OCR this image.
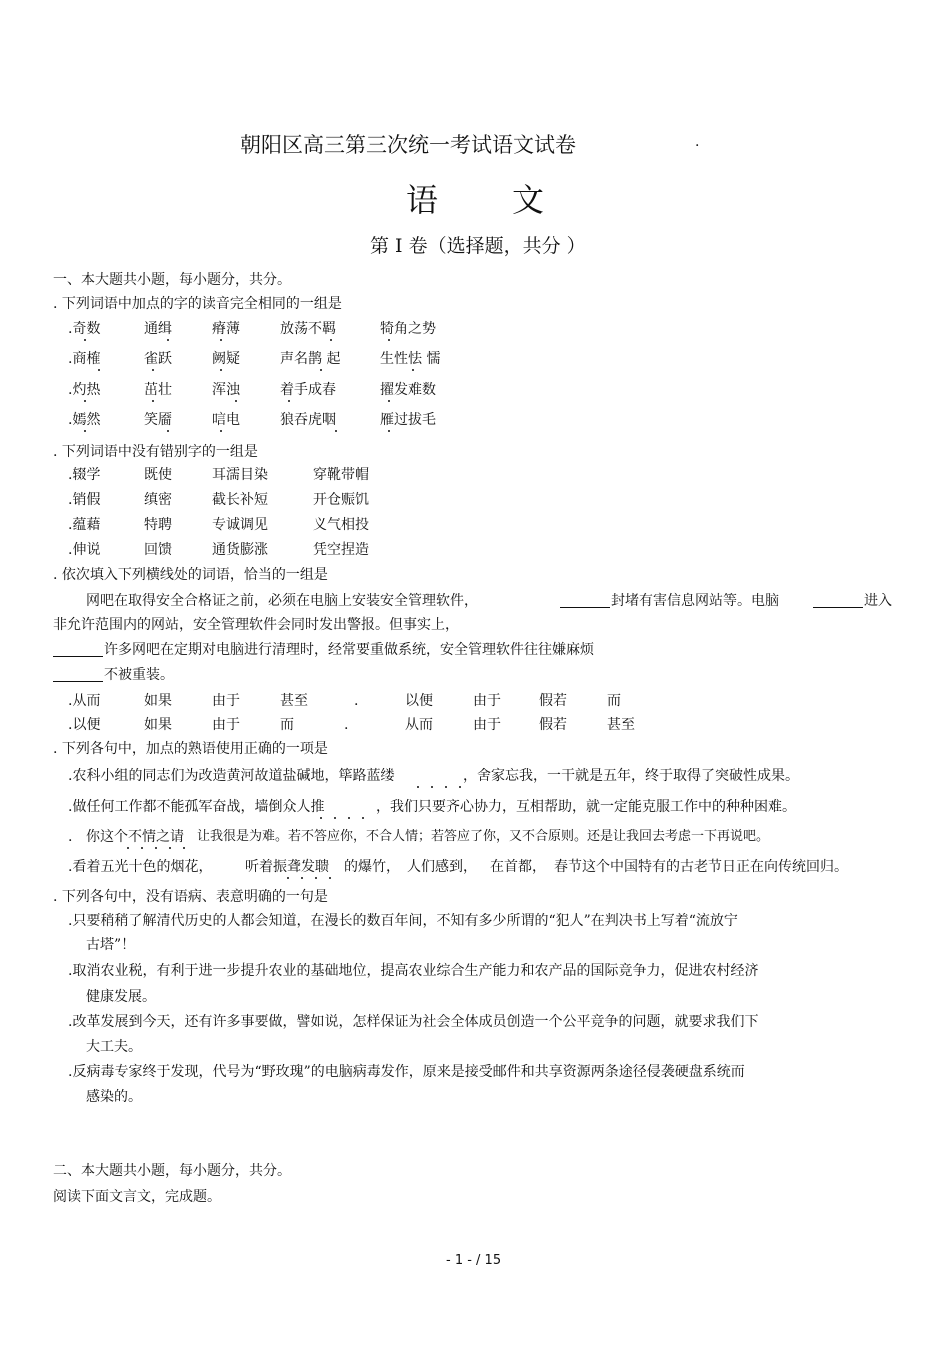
朝阳区高三第三次统一考试语文试卷	·
语 文
第 I 卷（选择题，共分 ）
一、本大题共小题，每小题分，共分。
. 下列词语中加点的字的读音完全相同的一组是
.奇数	通缉	瘠薄	放荡不羁	犄角之势
.商榷	雀跃	阙疑	声名鹊 起	生性怯 懦
.灼热	茁壮	浑浊	着手成春	擢发难数
.嫣然	笑靥	唁电	狼吞虎咽	雁过拔毛
. 下列词语中没有错别字的一组是
.辍学	既使	耳濡目染	穿靴带帽
.销假	缜密	截长补短	开仓赈饥
.蕴藉	特聘	专诚调见	义气相投
.伸说	回馈	通货膨涨	凭空捏造
. 依次填入下列横线处的词语，恰当的一组是
网吧在取得安全合格证之前，必须在电脑上安装安全管理软件，	封堵有害信息网站等。电脑	进入
非允许范围内的网站，安全管理软件会同时发出警报。但事实上，
许多网吧在定期对电脑进行清理时，经常要重做系统，安全管理软件往往嫌麻烦
不被重装。
.从而	如果	由于	甚至	.	以便	由于	假若	而
.以便	如果	由于	而	.	从而	由于	假若	甚至
. 下列各句中，加点的熟语使用正确的一项是
.农科小组的同志们为改造黄河故道盐碱地，筚路蓝缕	，舍家忘我，一干就是五年，终于取得了突破性成果。
.做任何工作都不能孤军奋战，墙倒众人推	，我们只要齐心协力，互相帮助，就一定能克服工作中的种种困难。
. 你这个不情之请 让我很是为难。若不答应你，不合人情；若答应了你，又不合原则。还是让我回去考虑一下再说吧。
.看着五光十色的烟花， 听着振聋发聩 的爆竹， 人们感到， 在首都， 春节这个中国特有的古老节日正在向传统回归。
. 下列各句中，没有语病、表意明确的一句是
.只要稍稍了解清代历史的人都会知道，在漫长的数百年间，不知有多少所谓的“犯人”在判决书上写着“流放宁
古塔”！
.取消农业税，有利于进一步提升农业的基础地位，提高农业综合生产能力和农产品的国际竞争力，促进农村经济
健康发展。
.改革发展到今天，还有许多事要做，譬如说，怎样保证为社会全体成员创造一个公平竞争的问题，就要求我们下
大工夫。
.反病毒专家终于发现，代号为“野玫瑰”的电脑病毒发作，原来是接受邮件和共享资源两条途径侵袭硬盘系统而
感染的。
二、本大题共小题，每小题分，共分。
阅读下面文言文，完成题。
- 1 - / 15
